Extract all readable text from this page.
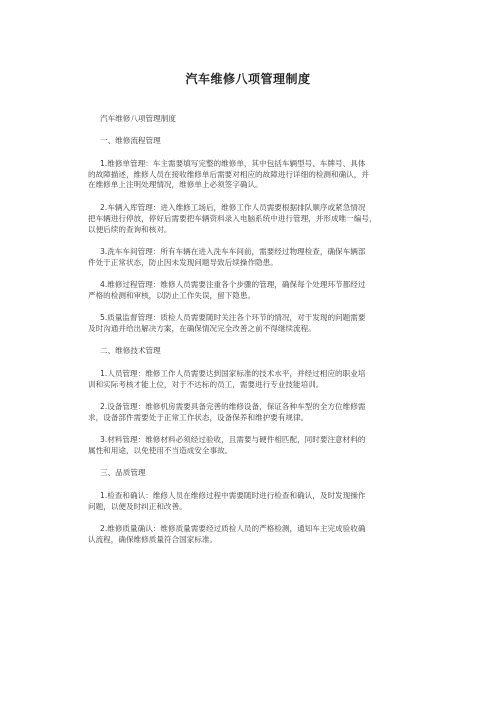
汽车维修八项管理制度
汽车维修八项管理制度
一、维修流程管理
1.维修单管理：车主需要填写完整的维修单，其中包括车辆型号、车牌号、具体
的故障描述，维修人员在接收维修单后需要对相应的故障进行详细的检测和确认，并
在维修单上注明处理情况，维修单上必须签字确认。
2.车辆入库管理：进入维修工场后，维修工作人员需要根据排队顺序或紧急情况
把车辆进行停放，停好后需要把车辆资料录入电脑系统中进行管理，并形成唯一编号，
以便后续的查询和核对。
3.洗车车间管理：所有车辆在进入洗车车间前，需要经过物理检查，确保车辆部
件处于正常状态，防止因未发现问题导致后续操作隐患。
4.维修过程管理：维修人员需要注重各个步骤的管理，确保每个处理环节都经过
严格的检测和审核，以防止工作失误，留下隐患。
5.质量监督管理：质检人员需要随时关注各个环节的情况，对于发现的问题需要
及时沟通并给出解决方案，在确保情况完全改善之前不得继续流程。
二、维修技术管理
1.人员管理：维修工作人员需要达到国家标准的技术水平，并经过相应的职业培
训和实际考核才能上位，对于不达标的员工，需要进行专业技能培训。
2.设备管理：维修机房需要具备完善的维修设备，保证各种车型的全方位维修需
求，设备部件需要处于正常工作状态，设备保养和维护要有规律。
3.材料管理：维修材料必须经过验收，且需要与硬件相匹配，同时要注意材料的
属性和用途，以免使用不当造成安全事故。
三、品质管理
1.检查和确认：维修人员在维修过程中需要随时进行检查和确认，及时发现操作
问题，以便及时纠正和改善。
2.维修质量确认：维修质量需要经过质检人员的严格检测，通知车主完成验收确
认流程，确保维修质量符合国家标准。
